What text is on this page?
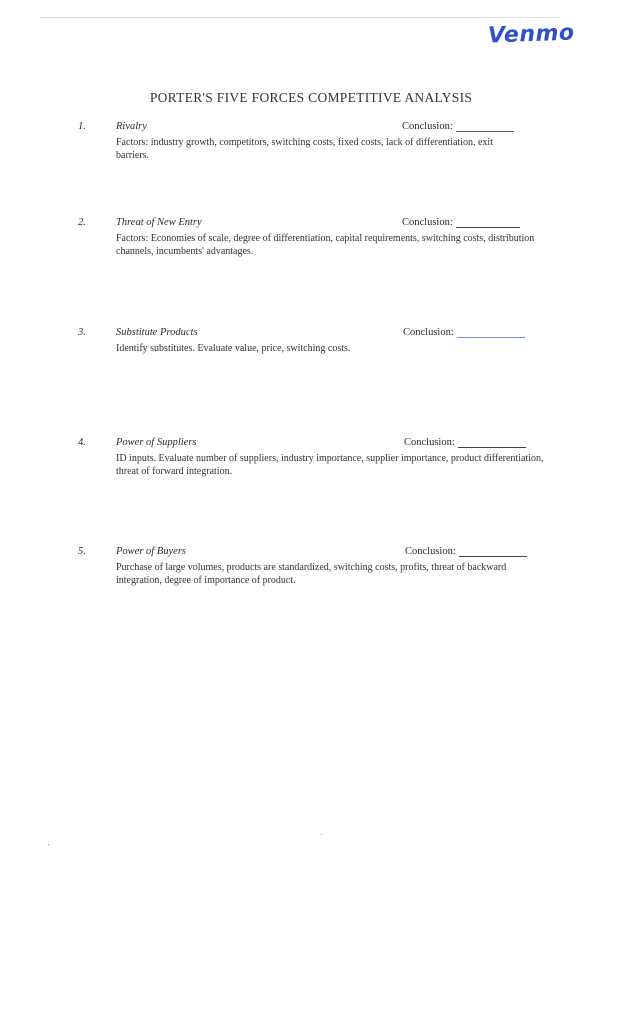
Venmo
PORTER'S FIVE FORCES COMPETITIVE ANALYSIS
1.	Rivalry	Conclusion:
Factors: industry growth, competitors, switching costs, fixed costs, lack of differentiation, exit barriers.
2.	Threat of New Entry	Conclusion:
Factors: Economies of scale, degree of differentiation, capital requirements, switching costs, distribution channels, incumbents' advantages.
3.	Substitute Products	Conclusion:
Identify substitutes. Evaluate value, price, switching costs.
4.	Power of Suppliers	Conclusion:
ID inputs. Evaluate number of suppliers, industry importance, supplier importance, product differentiation, threat of forward integration.
5.	Power of Buyers	Conclusion:
Purchase of large volumes, products are standardized, switching costs, profits, threat of backward integration, degree of importance of product.
